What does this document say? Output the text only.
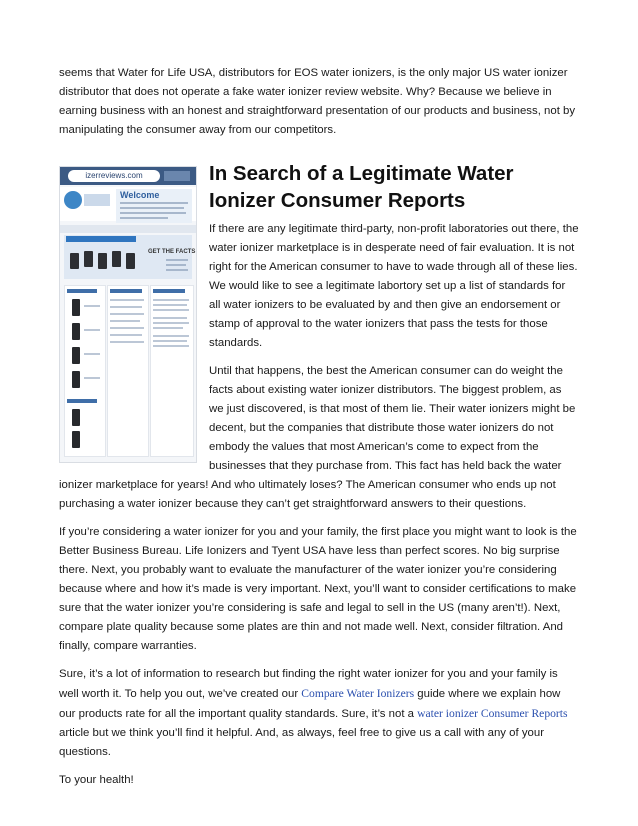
seems that Water for Life USA, distributors for EOS water ionizers, is the only major US water ionizer distributor that does not operate a fake water ionizer review website. Why? Because we believe in earning business with an honest and straightforward presentation of our products and business, not by manipulating the consumer away from our competitors.

izerreviews.com
Welcome
GET THE FACTS
In Search of a Legitimate Water Ionizer Consumer Reports

If there are any legitimate third-party, non-profit laboratories out there, the water ionizer marketplace is in desperate need of fair evaluation. It is not right for the American consumer to have to wade through all of these lies. We would like to see a legitimate labortory set up a list of standards for all water ionizers to be evaluated by and then give an endorsement or stamp of approval to the water ionizers that pass the tests for those standards.

Until that happens, the best the American consumer can do weight the facts about existing water ionizer distributors. The biggest problem, as we just discovered, is that most of them lie. Their water ionizers might be decent, but the companies that distribute those water ionizers do not embody the values that most American’s come to expect from the businesses that they purchase from. This fact has held back the water ionizer marketplace for years! And who ultimately loses? The American consumer who ends up not purchasing a water ionizer because they can’t get straightforward answers to their questions.

If you’re considering a water ionizer for you and your family, the first place you might want to look is the Better Business Bureau. Life Ionizers and Tyent USA have less than perfect scores. No big surprise there. Next, you probably want to evaluate the manufacturer of the water ionizer you’re considering because where and how it’s made is very important. Next, you’ll want to consider certifications to make sure that the water ionizer you’re considering is safe and legal to sell in the US (many aren’t!). Next, compare plate quality because some plates are thin and not made well. Next, consider filtration. And finally, compare warranties.

Sure, it’s a lot of information to research but finding the right water ionizer for you and your family is well worth it. To help you out, we’ve created our Compare Water Ionizers guide where we explain how our products rate for all the important quality standards. Sure, it’s not a water ionizer Consumer Reports article but we think you’ll find it helpful. And, as always, feel free to give us a call with any of your questions.

To your health!
